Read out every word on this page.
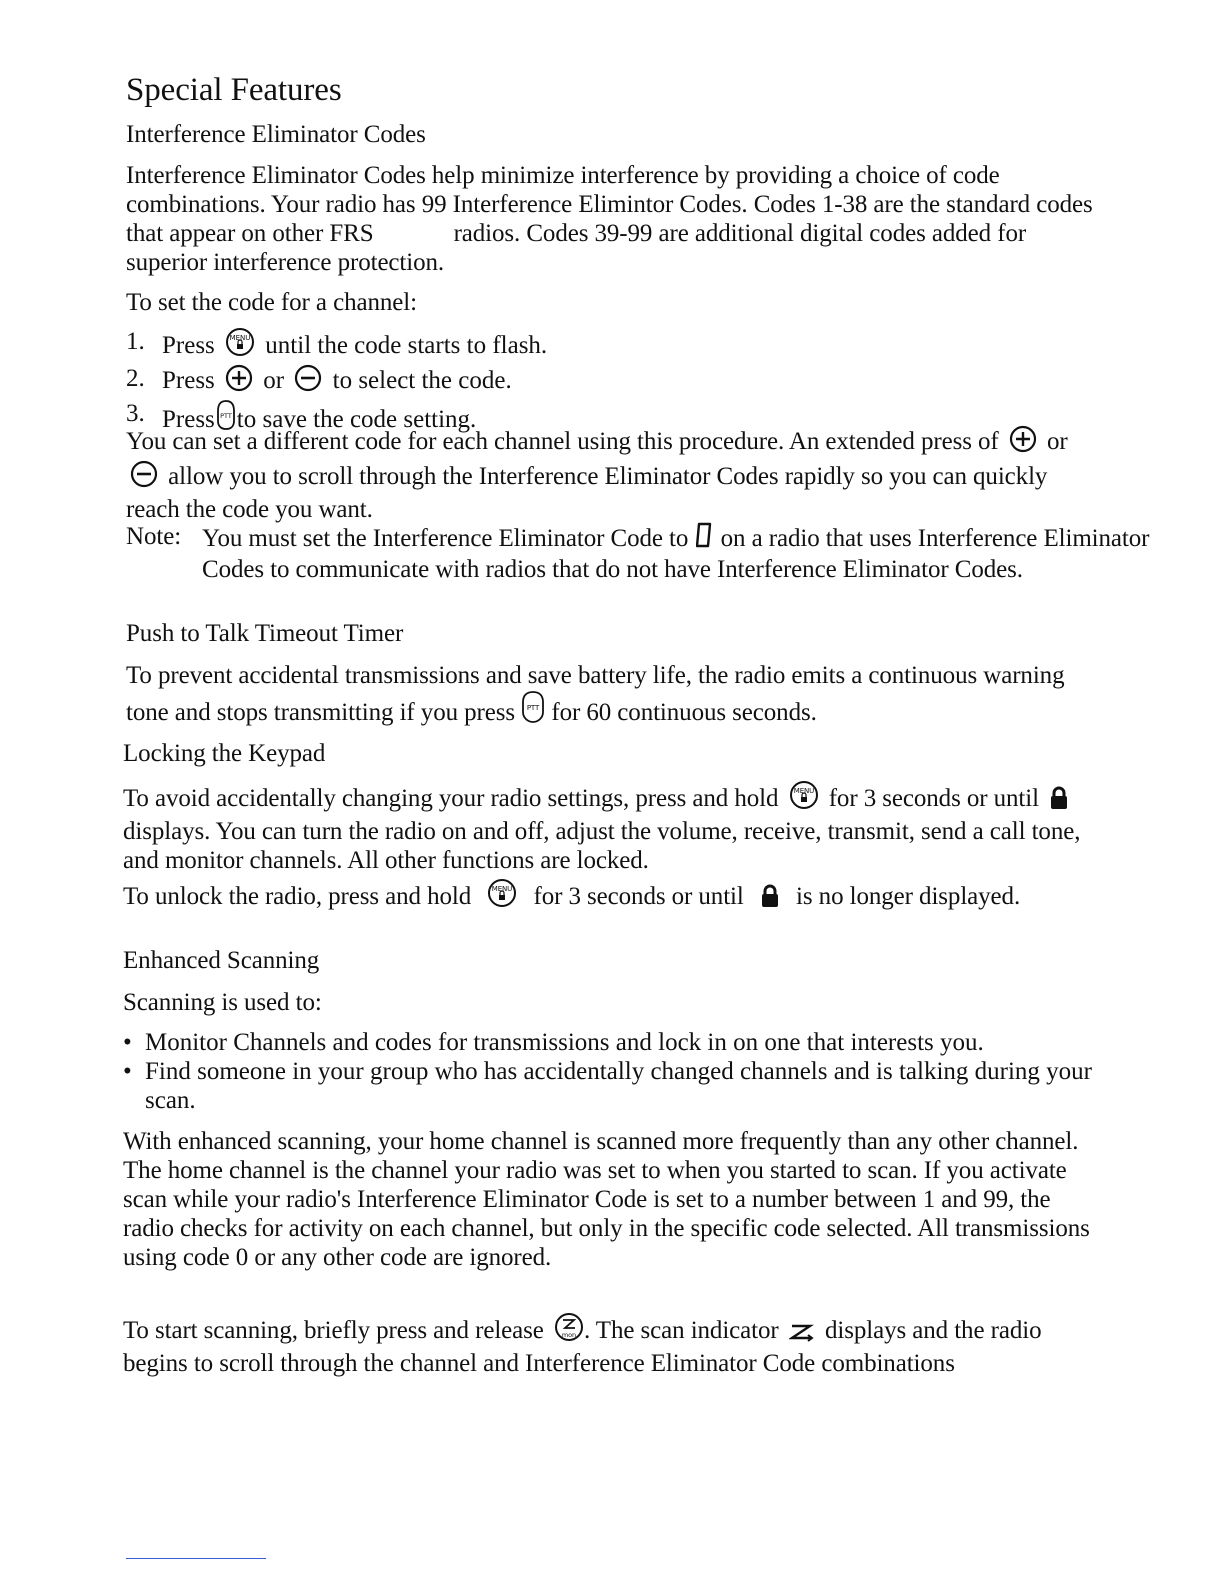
Special Features
Interference Eliminator Codes

Interference Eliminator Codes help minimize interference by providing a choice of code combinations. Your radio has 99 Interference Elimintor Codes. Codes 1-38 are the standard codes that appear on other FRS	radios. Codes 39-99 are additional digital codes added for superior interference protection.

To set the code for a channel:

1. Press MENU until the code starts to flash.
2. Press or to select the code.
3. Press PTT to save the code setting.

You can set a different code for each channel using this procedure. An extended press of or  allow you to scroll through the Interference Eliminator Codes rapidly so you can quickly reach the code you want.

Note: You must set the Interference Eliminator Code to	0 on a radio that uses Interference Eliminator Codes to communicate with radios that do not have Interference Eliminator Codes.

Push to Talk Timeout Timer

To prevent accidental transmissions and save battery life, the radio emits a continuous warning tone and stops transmitting if you press PTT for 60 continuous seconds.

Locking the Keypad

To avoid accidentally changing your radio settings, press and hold MENU for 3 seconds or until  displays. You can turn the radio on and off, adjust the volume, receive, transmit, send a call tone, and monitor channels. All other functions are locked.

To unlock the radio, press and hold	MENU for 3 seconds or until is no longer displayed.

Enhanced Scanning

Scanning is used to:

• Monitor Channels and codes for transmissions and lock in on one that interests you.
• Find someone in your group who has accidentally changed channels and is talking during your scan.

With enhanced scanning, your home channel is scanned more frequently than any other channel. The home channel is the channel your radio was set to when you started to scan. If you activate scan while your radio's Interference Eliminator Code is set to a number between 1 and 99, the radio checks for activity on each channel, but only in the specific code selected. All transmissions using code 0 or any other code are ignored.

To start scanning, briefly press and release	mon . The scan indicator displays and the radio begins to scroll through the channel and Interference Eliminator Code combinations
